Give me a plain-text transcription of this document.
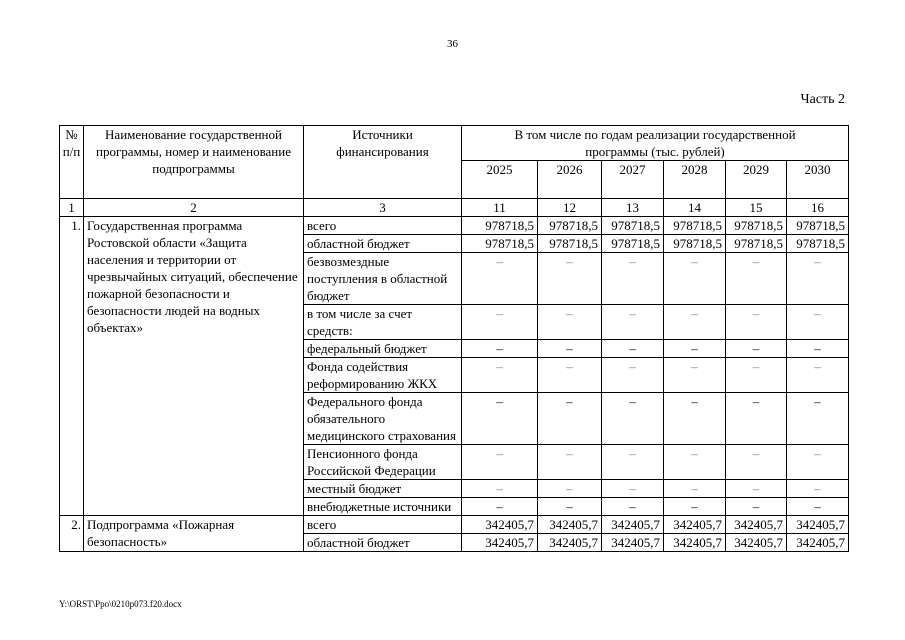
36
Часть 2
№ п/п	Наименование государственной программы, номер и наименование подпрограммы	Источники финансирования	В том числе по годам реализации государственной программы (тыс. рублей)					
			2025	2026	2027	2028	2029	2030
1	2	3	11	12	13	14	15	16
1.	Государственная программа Ростовской области «Защита населения и территории от чрезвычайных ситуаций, обеспечение пожарной безопасности и безопасности людей на водных объектах»	всего	978718,5	978718,5	978718,5	978718,5	978718,5	978718,5
		областной бюджет	978718,5	978718,5	978718,5	978718,5	978718,5	978718,5
		безвозмездные поступления в областной бюджет	–	–	–	–	–	–
		в том числе за счет средств:	–	–	–	–	–	–
		федеральный бюджет	–	–	–	–	–	–
		Фонда содействия реформированию ЖКХ	–	–	–	–	–	–
		Федерального фонда обязательного медицинского страхования	–	–	–	–	–	–
		Пенсионного фонда Российской Федерации	–	–	–	–	–	–
		местный бюджет	–	–	–	–	–	–
		внебюджетные источники	–	–	–	–	–	–
2.	Подпрограмма «Пожарная безопасность»	всего	342405,7	342405,7	342405,7	342405,7	342405,7	342405,7
		областной бюджет	342405,7	342405,7	342405,7	342405,7	342405,7	342405,7
Y:\ORST\Ppo\0210p073.f20.docx
